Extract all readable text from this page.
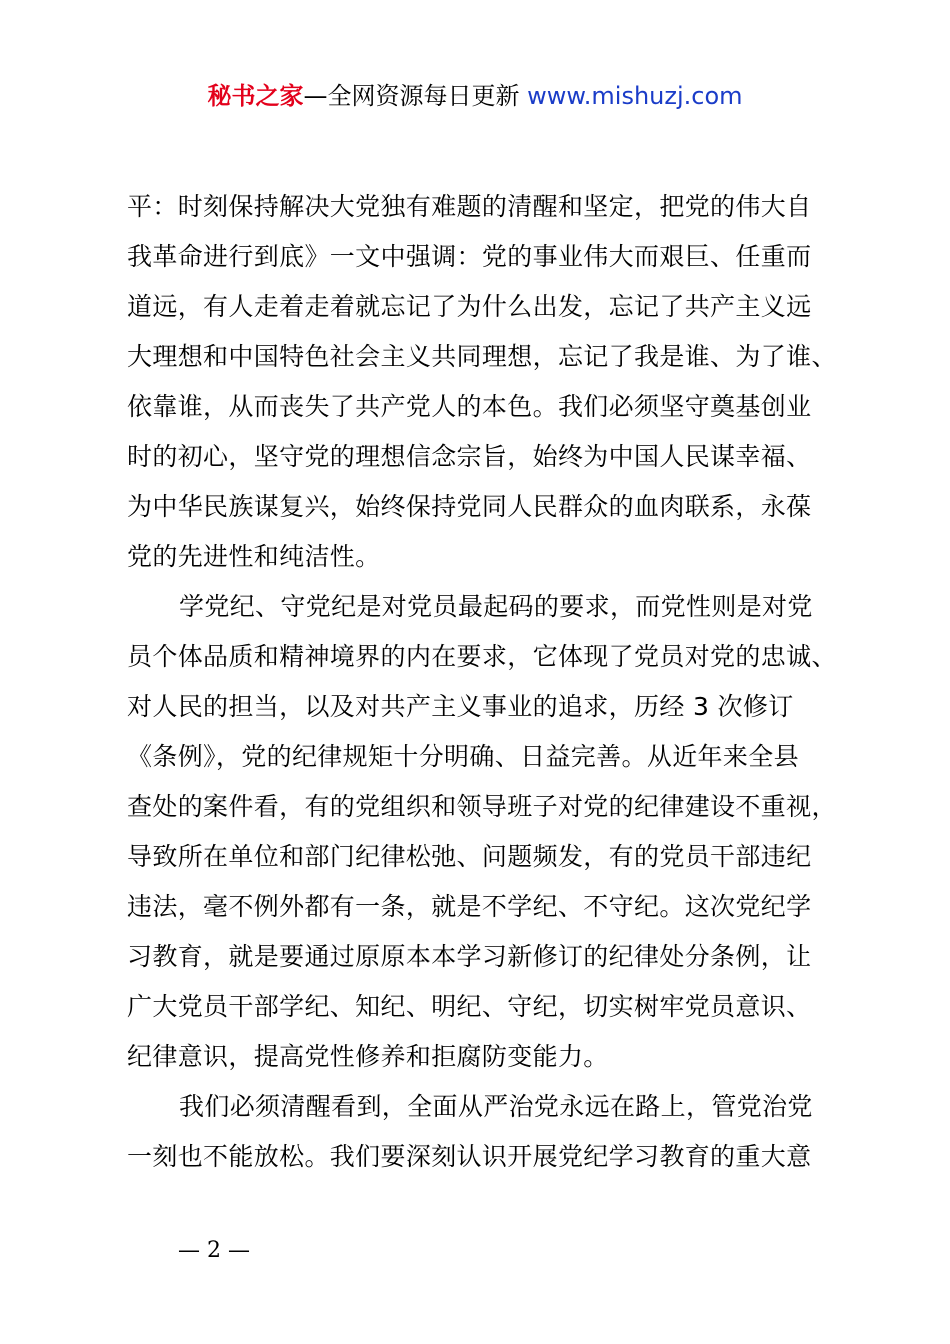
秘书之家—全网资源每日更新 www.mishuzj.com
平：时刻保持解决大党独有难题的清醒和坚定，把党的伟大自
我革命进行到底》一文中强调：党的事业伟大而艰巨、任重而
道远，有人走着走着就忘记了为什么出发，忘记了共产主义远
大理想和中国特色社会主义共同理想，忘记了我是谁、为了谁、
依靠谁，从而丧失了共产党人的本色。我们必须坚守奠基创业
时的初心，坚守党的理想信念宗旨，始终为中国人民谋幸福、
为中华民族谋复兴，始终保持党同人民群众的血肉联系，永葆
党的先进性和纯洁性。
学党纪、守党纪是对党员最起码的要求，而党性则是对党
员个体品质和精神境界的内在要求，它体现了党员对党的忠诚、
对人民的担当，以及对共产主义事业的追求，历经 3 次修订
《条例》，党的纪律规矩十分明确、日益完善。从近年来全县
查处的案件看，有的党组织和领导班子对党的纪律建设不重视，
导致所在单位和部门纪律松弛、问题频发，有的党员干部违纪
违法，毫不例外都有一条，就是不学纪、不守纪。这次党纪学
习教育，就是要通过原原本本学习新修订的纪律处分条例，让
广大党员干部学纪、知纪、明纪、守纪，切实树牢党员意识、
纪律意识，提高党性修养和拒腐防变能力。
我们必须清醒看到，全面从严治党永远在路上，管党治党
一刻也不能放松。我们要深刻认识开展党纪学习教育的重大意
— 2 —
